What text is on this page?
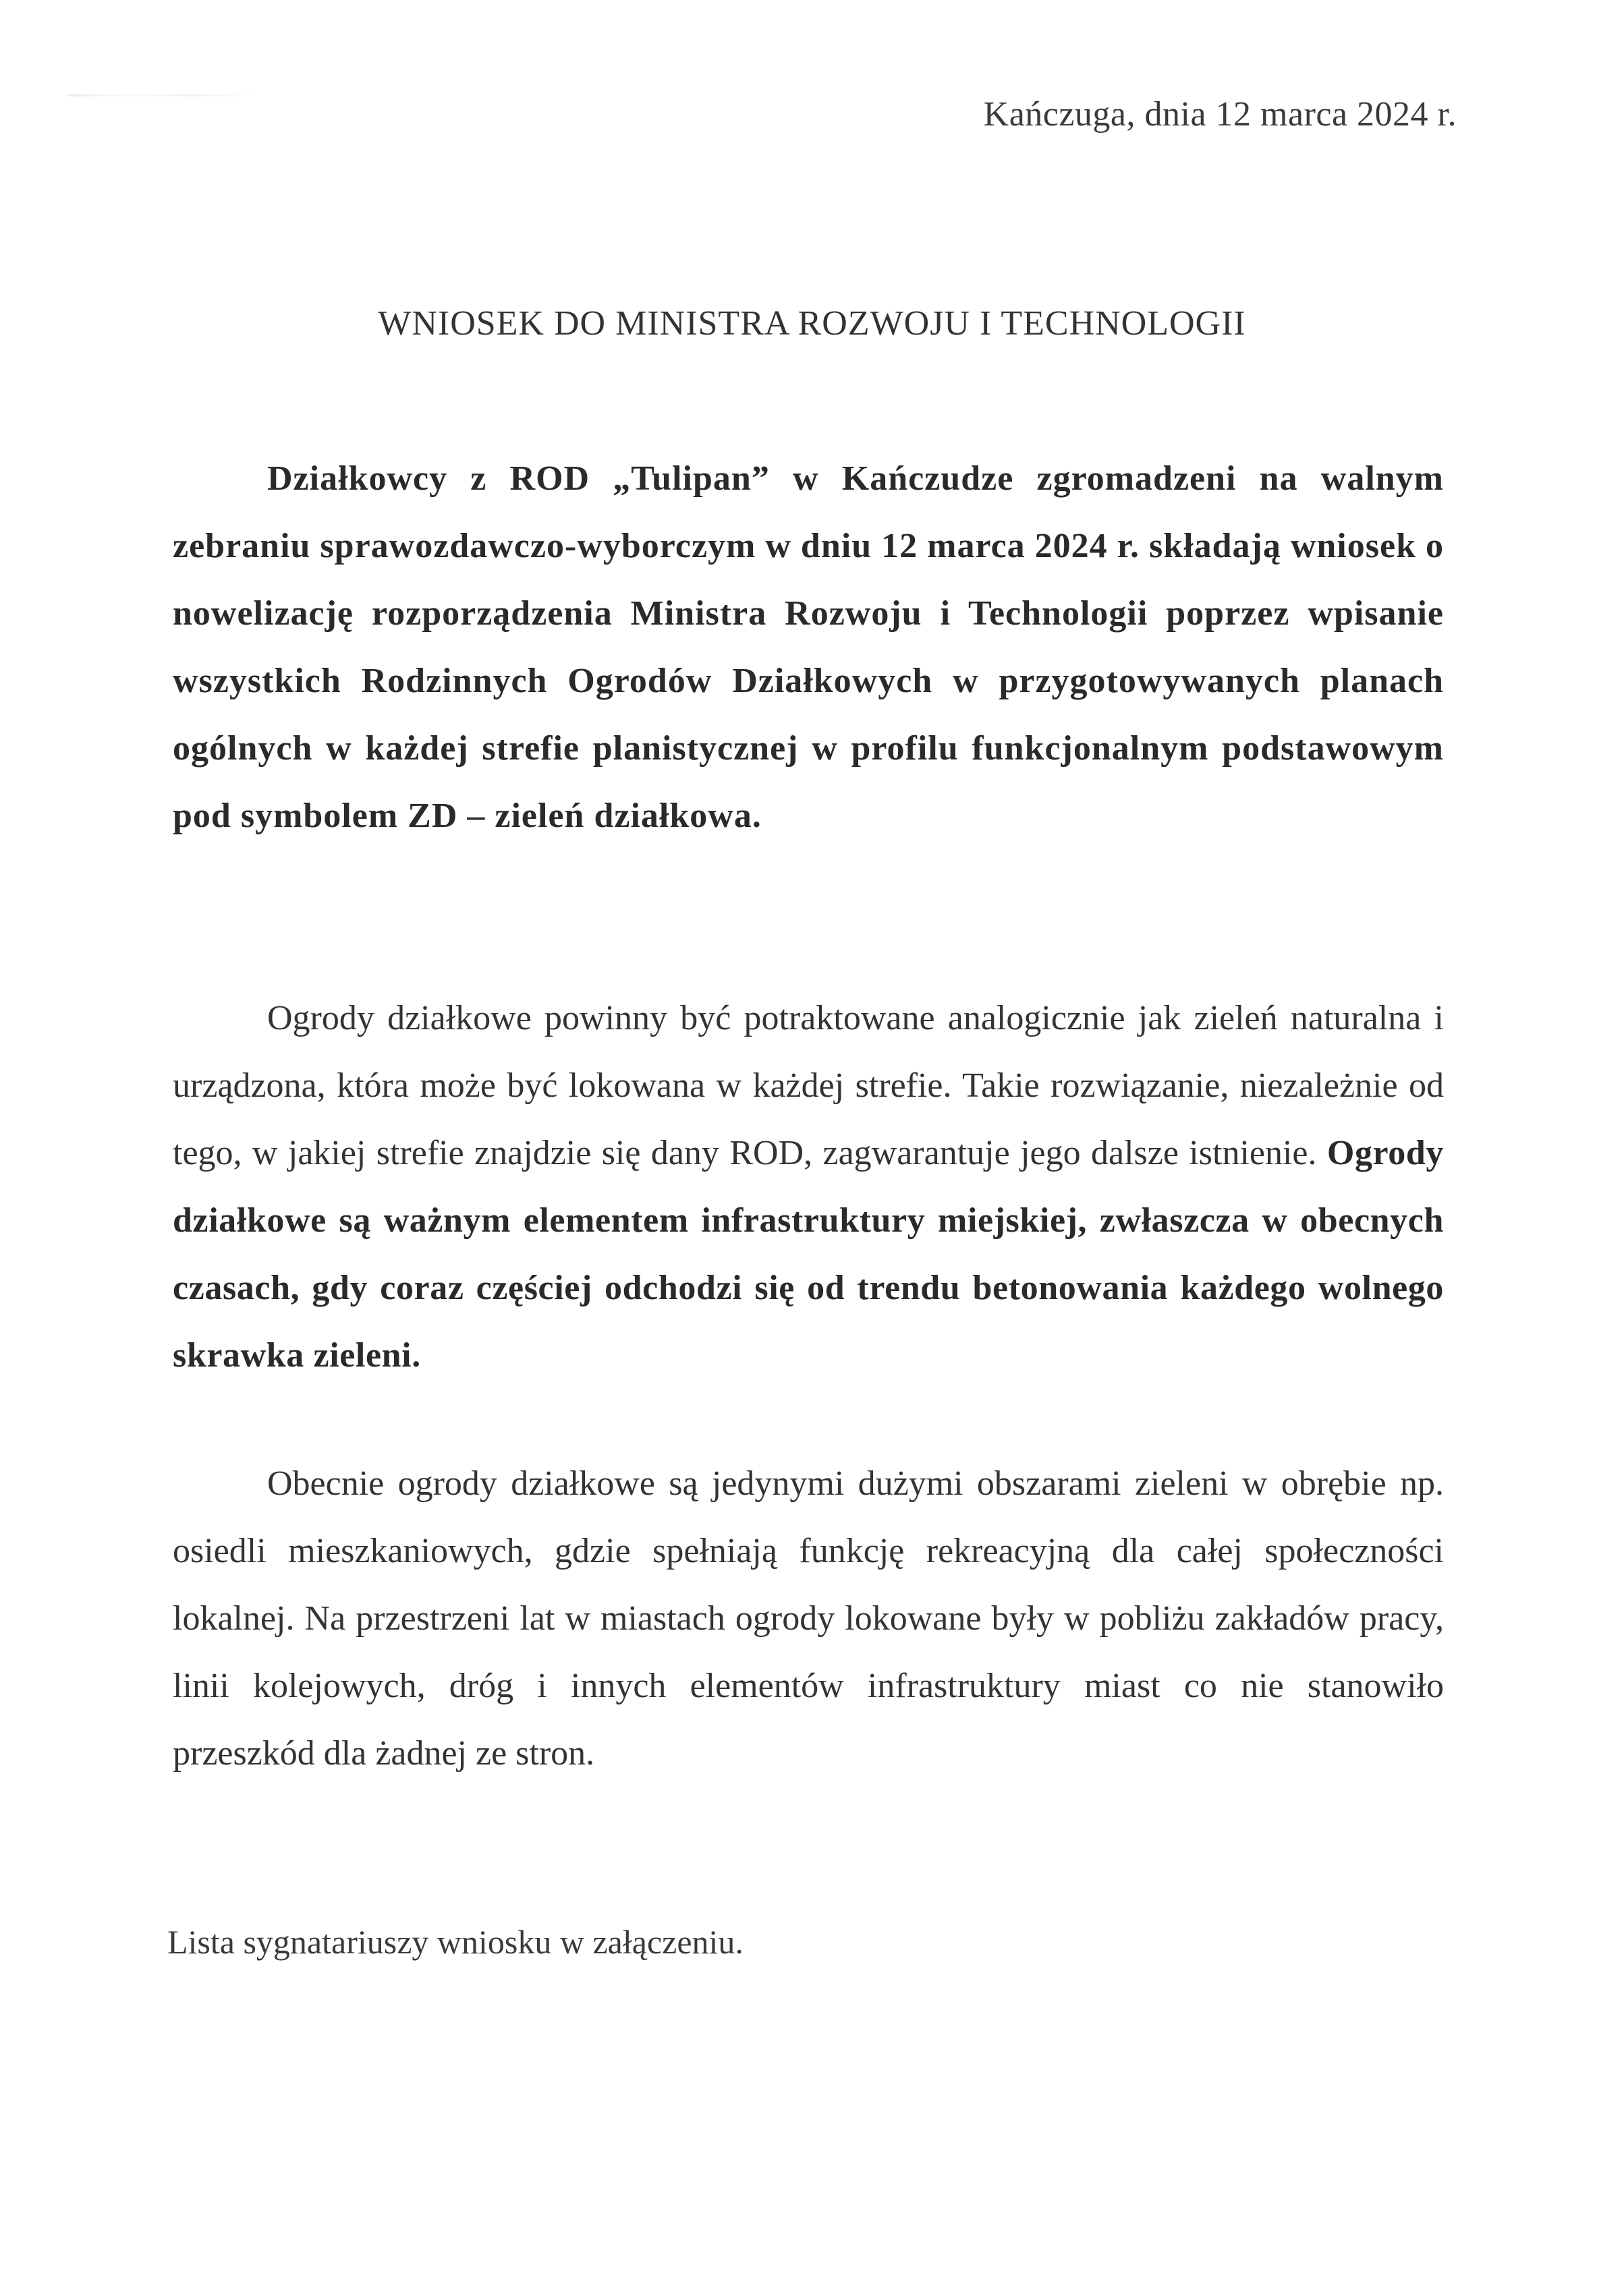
Kańczuga, dnia 12 marca 2024 r.
WNIOSEK DO MINISTRA ROZWOJU I TECHNOLOGII
Działkowcy z ROD „Tulipan” w Kańczudze zgromadzeni na walnym zebraniu sprawozdawczo-wyborczym w dniu 12 marca 2024 r. składają wniosek o nowelizację rozporządzenia Ministra Rozwoju i Technologii poprzez wpisanie wszystkich Rodzinnych Ogrodów Działkowych w przygotowywanych planach ogólnych w każdej strefie planistycznej w profilu funkcjonalnym podstawowym pod symbolem ZD – zieleń działkowa.
Ogrody działkowe powinny być potraktowane analogicznie jak zieleń naturalna i urządzona, która może być lokowana w każdej strefie. Takie rozwiązanie, niezależnie od tego, w jakiej strefie znajdzie się dany ROD, zagwarantuje jego dalsze istnienie. Ogrody działkowe są ważnym elementem infrastruktury miejskiej, zwłaszcza w obecnych czasach, gdy coraz częściej odchodzi się od trendu betonowania każdego wolnego skrawka zieleni.
Obecnie ogrody działkowe są jedynymi dużymi obszarami zieleni w obrębie np. osiedli mieszkaniowych, gdzie spełniają funkcję rekreacyjną dla całej społeczności lokalnej. Na przestrzeni lat w miastach ogrody lokowane były w pobliżu zakładów pracy, linii kolejowych, dróg i innych elementów infrastruktury miast co nie stanowiło przeszkód dla żadnej ze stron.
Lista sygnatariuszy wniosku w załączeniu.
